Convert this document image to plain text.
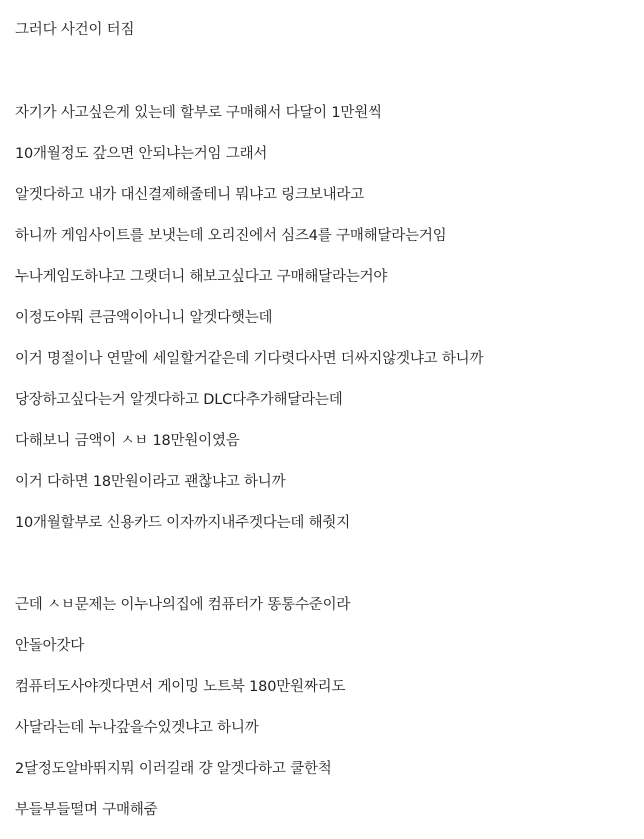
그러다 사건이 터짐

자기가 사고싶은게 있는데 할부로 구매해서 다달이 1만원씩

10개월정도 갚으면 안되냐는거임 그래서

알겟다하고 내가 대신결제해줄테니 뭐냐고 링크보내라고

하니까 게임사이트를 보냇는데 오리진에서 심즈4를 구매해달라는거임

누나게임도하냐고 그랫더니 해보고싶다고 구매해달라는거야

이정도야뭐 큰금액이아니니 알겟다햇는데

이거 명절이나 연말에 세일할거같은데 기다렷다사면 더싸지않겟냐고 하니까

당장하고싶다는거 알겟다하고 DLC다추가해달라는데

다해보니 금액이 ㅅㅂ 18만원이였음

이거 다하면 18만원이라고 괜찮냐고 하니까

10개월할부로 신용카드 이자까지내주겟다는데 해줫지

근데 ㅅㅂ문제는 이누나의집에 컴퓨터가 똥통수준이라

안돌아갓다

컴퓨터도사야겟다면서 게이밍 노트북 180만원짜리도

사달라는데 누나갚을수있겟냐고 하니까

2달정도알바뛰지뭐 이러길래 걍 알겟다하고 쿨한척

부들부들떨며 구매해줌
